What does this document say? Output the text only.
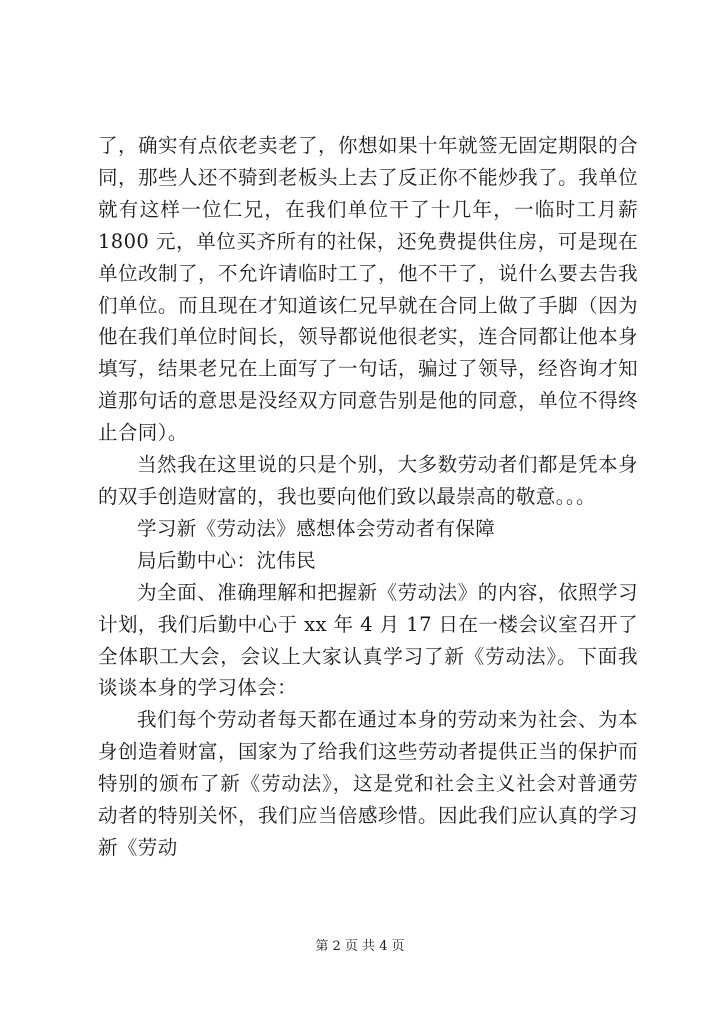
了，确实有点依老卖老了，你想如果十年就签无固定期限的合同，那些人还不骑到老板头上去了反正你不能炒我了。我单位就有这样一位仁兄，在我们单位干了十几年，一临时工月薪 1800 元，单位买齐所有的社保，还免费提供住房，可是现在单位改制了，不允许请临时工了，他不干了，说什么要去告我们单位。而且现在才知道该仁兄早就在合同上做了手脚（因为他在我们单位时间长，领导都说他很老实，连合同都让他本身填写，结果老兄在上面写了一句话，骗过了领导，经咨询才知道那句话的意思是没经双方同意告别是他的同意，单位不得终止合同）。

当然我在这里说的只是个别，大多数劳动者们都是凭本身的双手创造财富的，我也要向他们致以最崇高的敬意。。。

学习新《劳动法》感想体会劳动者有保障

局后勤中心：沈伟民

为全面、准确理解和把握新《劳动法》的内容，依照学习计划，我们后勤中心于 xx 年 4 月 17 日在一楼会议室召开了全体职工大会，会议上大家认真学习了新《劳动法》。下面我谈谈本身的学习体会：

我们每个劳动者每天都在通过本身的劳动来为社会、为本身创造着财富，国家为了给我们这些劳动者提供正当的保护而特别的颁布了新《劳动法》，这是党和社会主义社会对普通劳动者的特别关怀，我们应当倍感珍惜。因此我们应认真的学习新《劳动

第 2 页 共 4 页
